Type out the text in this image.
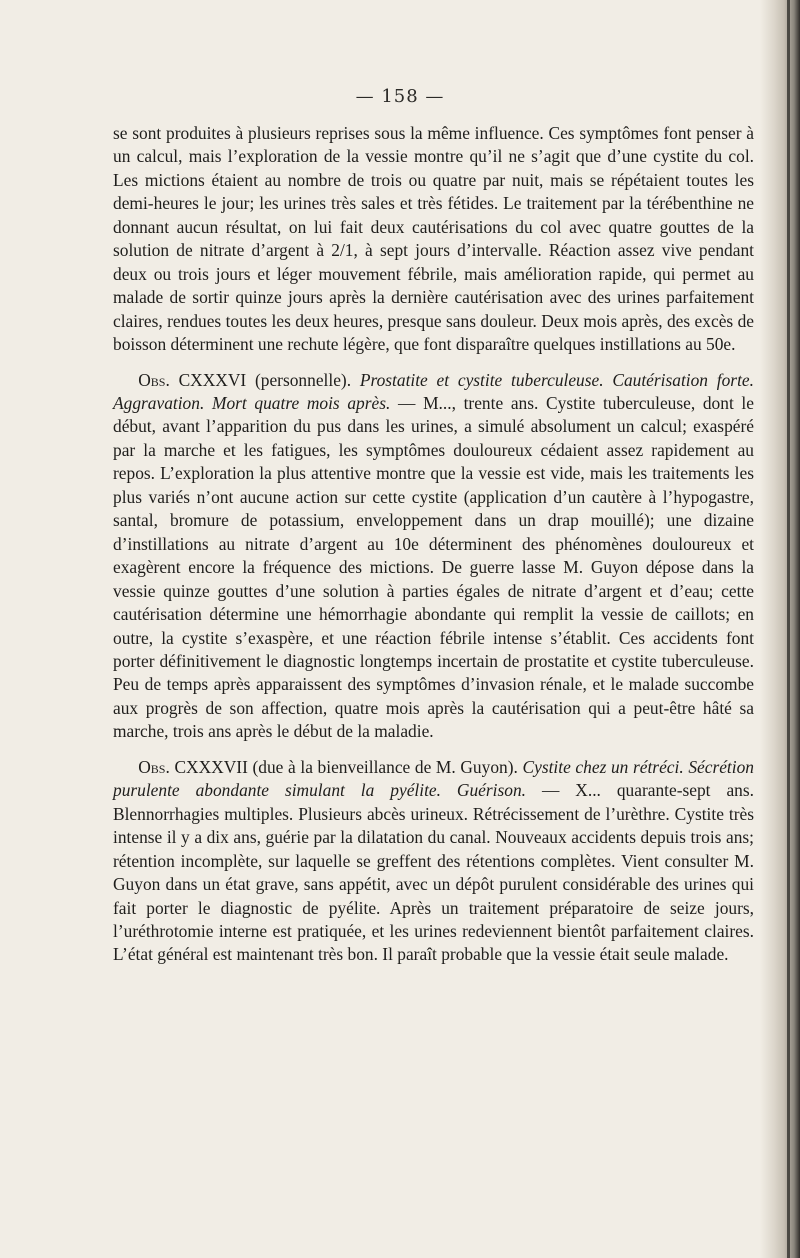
— 158 —

se sont produites à plusieurs reprises sous la même influence. Ces symptômes font penser à un calcul, mais l’exploration de la vessie montre qu’il ne s’agit que d’une cystite du col. Les mictions étaient au nombre de trois ou quatre par nuit, mais se répétaient toutes les demi-heures le jour; les urines très sales et très fétides. Le traitement par la térébenthine ne donnant aucun résultat, on lui fait deux cautérisations du col avec quatre gouttes de la solution de nitrate d’argent à 2/1, à sept jours d’intervalle. Réaction assez vive pendant deux ou trois jours et léger mouvement fébrile, mais amélioration rapide, qui permet au malade de sortir quinze jours après la dernière cautérisation avec des urines parfaitement claires, rendues toutes les deux heures, presque sans douleur. Deux mois après, des excès de boisson déterminent une rechute légère, que font disparaître quelques instillations au 50e.

Obs. CXXXVI (personnelle). Prostatite et cystite tuberculeuse. Cautérisation forte. Aggravation. Mort quatre mois après. — M..., trente ans. Cystite tuberculeuse, dont le début, avant l’apparition du pus dans les urines, a simulé absolument un calcul; exaspéré par la marche et les fatigues, les symptômes douloureux cédaient assez rapidement au repos. L’exploration la plus attentive montre que la vessie est vide, mais les traitements les plus variés n’ont aucune action sur cette cystite (application d’un cautère à l’hypogastre, santal, bromure de potassium, enveloppement dans un drap mouillé); une dizaine d’instillations au nitrate d’argent au 10e déterminent des phénomènes douloureux et exagèrent encore la fréquence des mictions. De guerre lasse M. Guyon dépose dans la vessie quinze gouttes d’une solution à parties égales de nitrate d’argent et d’eau; cette cautérisation détermine une hémorrhagie abondante qui remplit la vessie de caillots; en outre, la cystite s’exaspère, et une réaction fébrile intense s’établit. Ces accidents font porter définitivement le diagnostic longtemps incertain de prostatite et cystite tuberculeuse. Peu de temps après apparaissent des symptômes d’invasion rénale, et le malade succombe aux progrès de son affection, quatre mois après la cautérisation qui a peut-être hâté sa marche, trois ans après le début de la maladie.

Obs. CXXXVII (due à la bienveillance de M. Guyon). Cystite chez un rétréci. Sécrétion purulente abondante simulant la pyélite. Guérison. — X... quarante-sept ans. Blennorrhagies multiples. Plusieurs abcès urineux. Rétrécissement de l’urèthre. Cystite très intense il y a dix ans, guérie par la dilatation du canal. Nouveaux accidents depuis trois ans; rétention incomplète, sur laquelle se greffent des rétentions complètes. Vient consulter M. Guyon dans un état grave, sans appétit, avec un dépôt purulent considérable des urines qui fait porter le diagnostic de pyélite. Après un traitement préparatoire de seize jours, l’uréthrotomie interne est pratiquée, et les urines redeviennent bientôt parfaitement claires. L’état général est maintenant très bon. Il paraît probable que la vessie était seule malade.
